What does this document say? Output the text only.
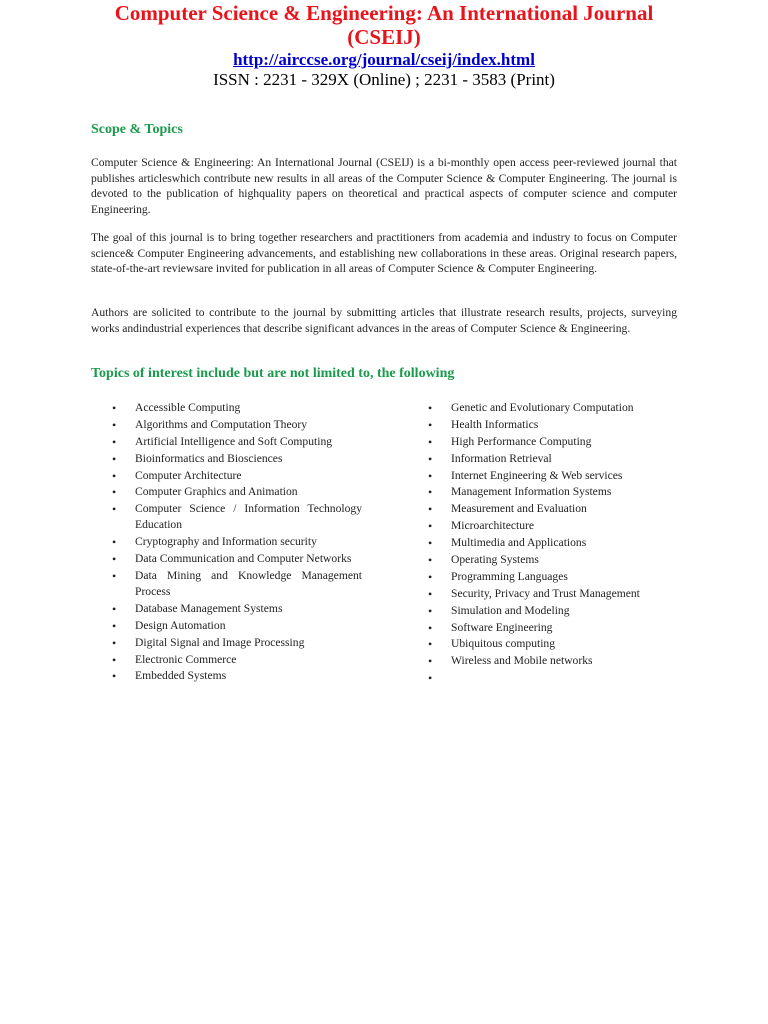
Computer Science & Engineering: An International Journal
(CSEIJ)
http://airccse.org/journal/cseij/index.html
ISSN : 2231 - 329X (Online) ; 2231 - 3583 (Print)
Scope & Topics

Computer Science & Engineering: An International Journal (CSEIJ) is a bi-monthly open access peer-reviewed journal that publishes articleswhich contribute new results in all areas of the Computer Science & Computer Engineering. The journal is devoted to the publication of highquality papers on theoretical and practical aspects of computer science and computer Engineering.

The goal of this journal is to bring together researchers and practitioners from academia and industry to focus on Computer science& Computer Engineering advancements, and establishing new collaborations in these areas. Original research papers, state-of-the-art reviewsare invited for publication in all areas of Computer Science & Computer Engineering.

Authors are solicited to contribute to the journal by submitting articles that illustrate research results, projects, surveying works andindustrial experiences that describe significant advances in the areas of Computer Science & Engineering.

Topics of interest include but are not limited to, the following
• Accessible Computing
• Algorithms and Computation Theory
• Artificial Intelligence and Soft Computing
• Bioinformatics and Biosciences
• Computer Architecture
• Computer Graphics and Animation
• Computer Science / Information Technology Education
• Cryptography and Information security
• Data Communication and Computer Networks
• Data Mining and Knowledge Management Process
• Database Management Systems
• Design Automation
• Digital Signal and Image Processing
• Electronic Commerce
• Embedded Systems
• Genetic and Evolutionary Computation
• Health Informatics
• High Performance Computing
• Information Retrieval
• Internet Engineering & Web services
• Management Information Systems
• Measurement and Evaluation
• Microarchitecture
• Multimedia and Applications
• Operating Systems
• Programming Languages
• Security, Privacy and Trust Management
• Simulation and Modeling
• Software Engineering
• Ubiquitous computing
• Wireless and Mobile networks
•
